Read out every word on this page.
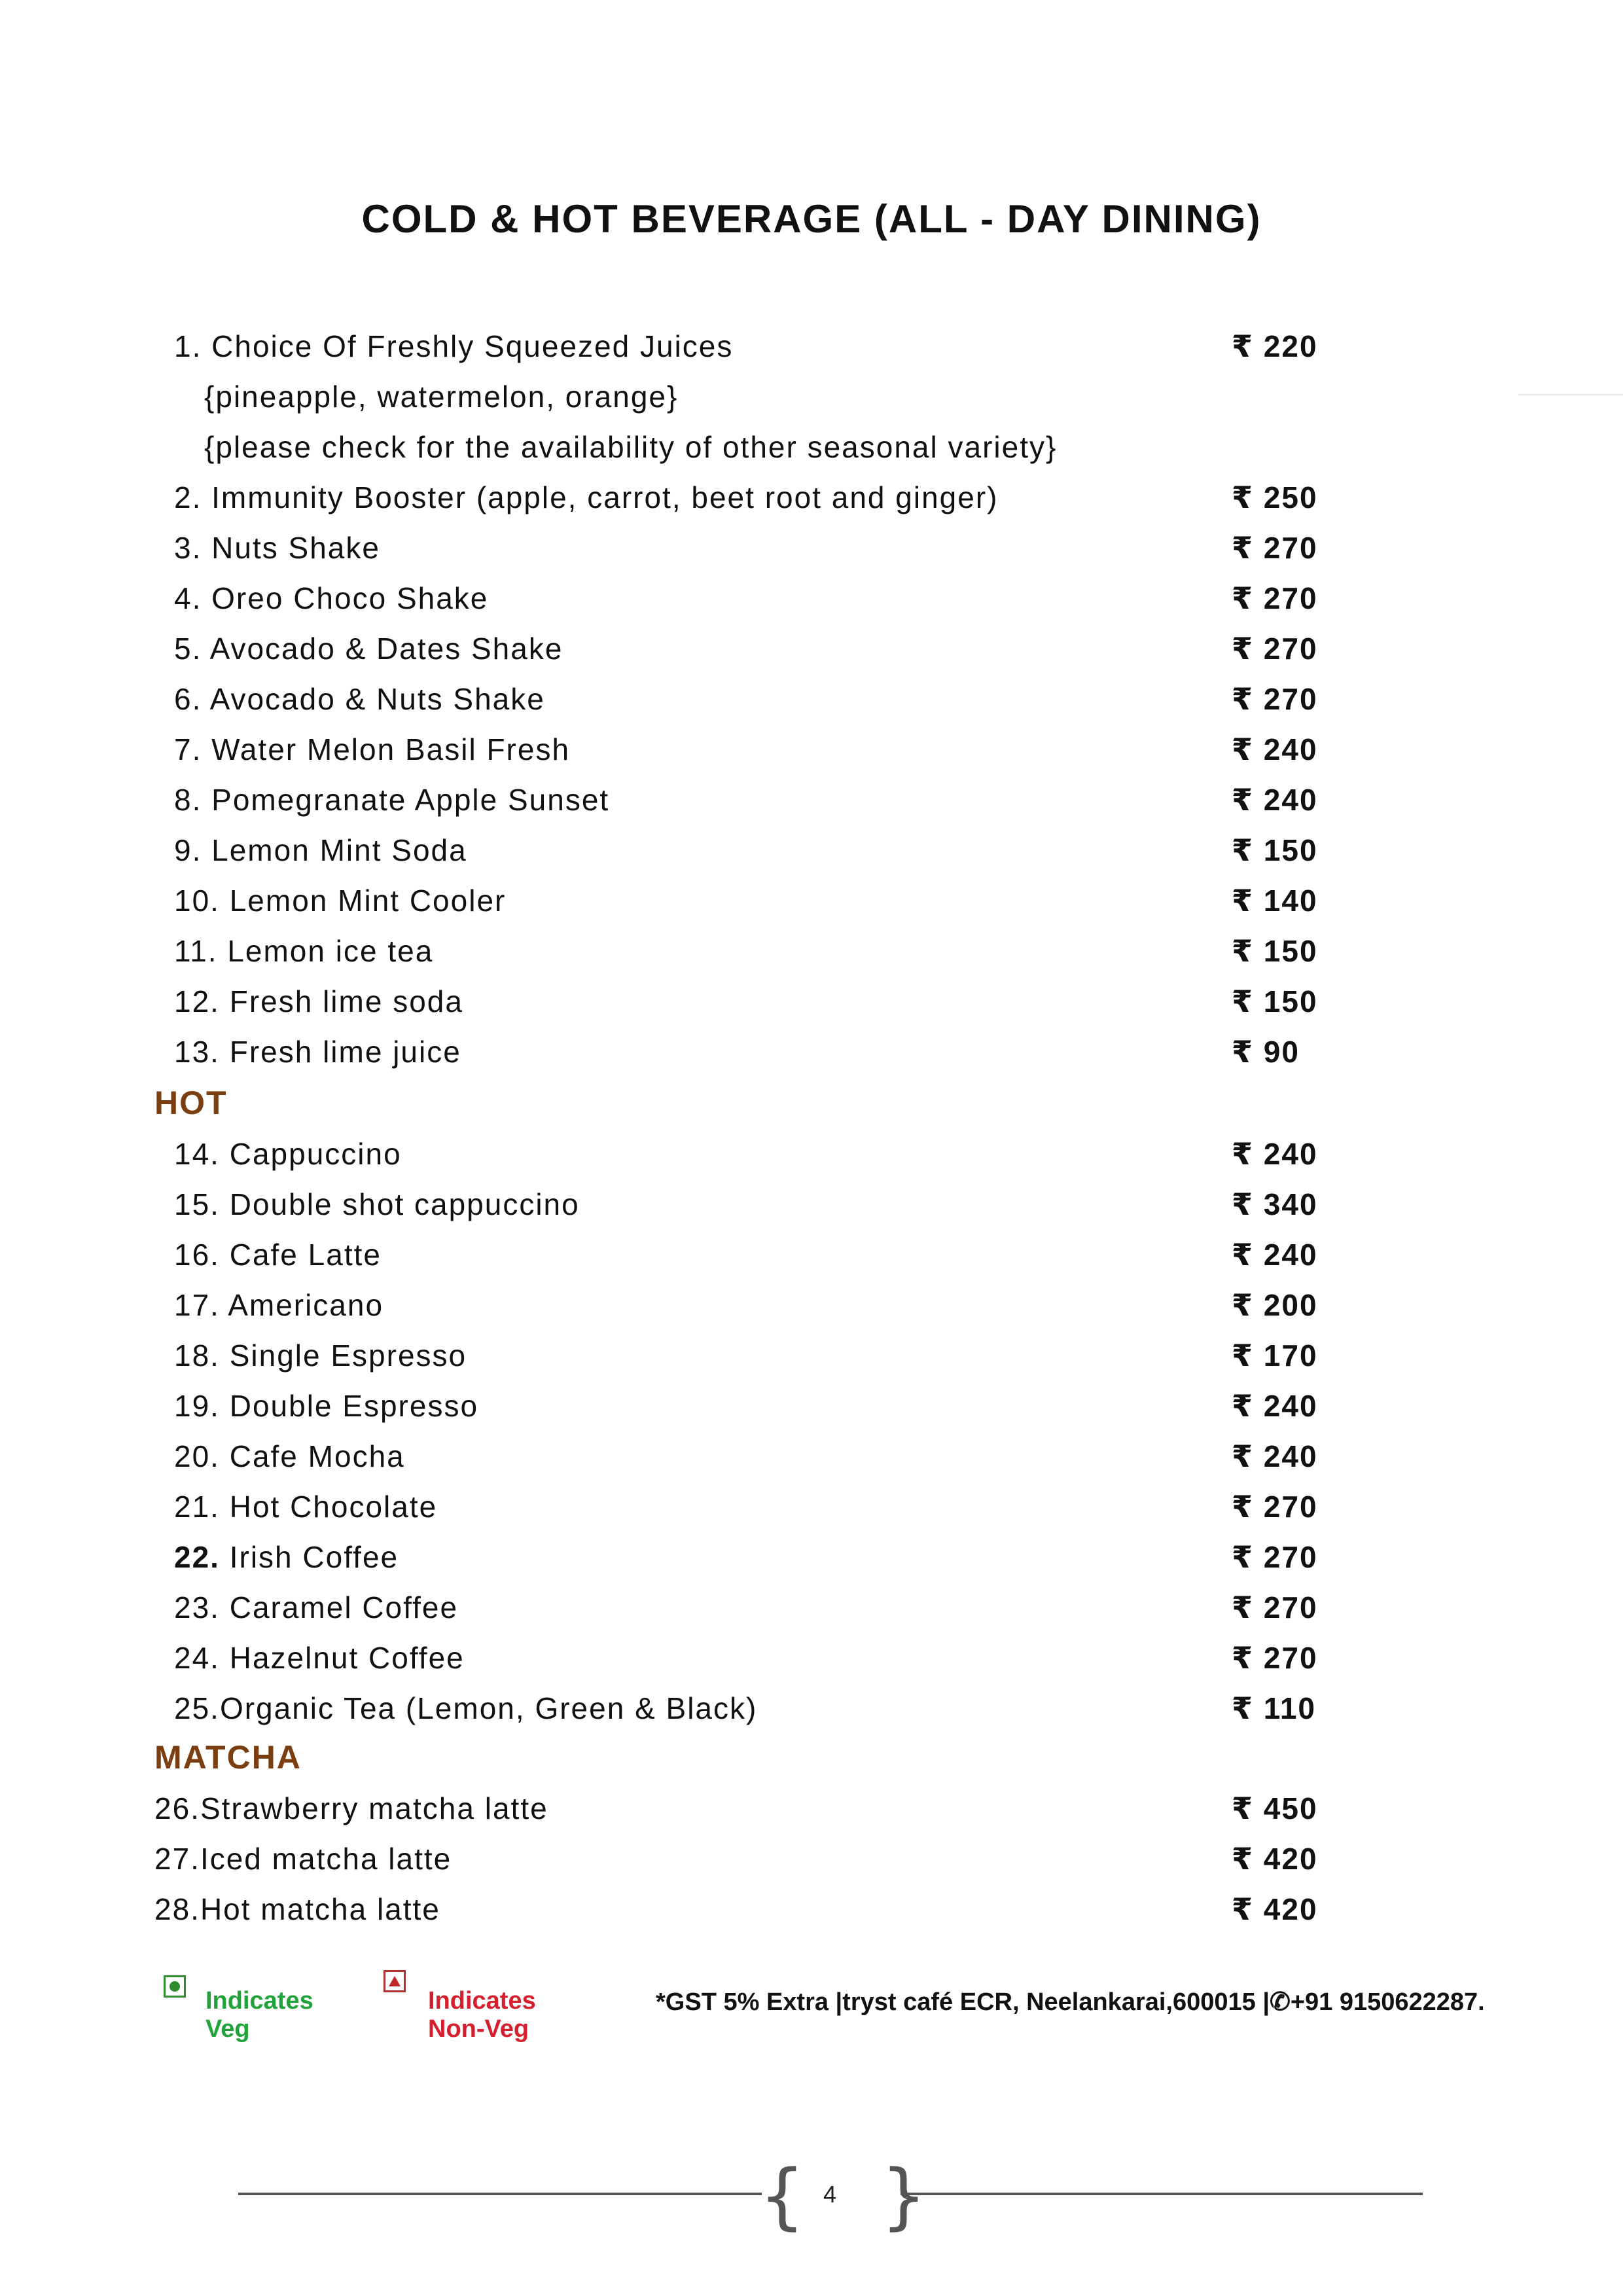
COLD & HOT BEVERAGE (ALL - DAY DINING)
1. Choice Of Freshly Squeezed Juices	₹ 220
{pineapple, watermelon, orange}
{please check for the availability of other seasonal variety}
2. Immunity Booster (apple, carrot, beet root and ginger)	₹ 250
3. Nuts Shake	₹ 270
4. Oreo Choco Shake	₹ 270
5. Avocado & Dates Shake	₹ 270
6. Avocado & Nuts Shake	₹ 270
7. Water Melon Basil Fresh	₹ 240
8. Pomegranate Apple Sunset	₹ 240
9. Lemon Mint Soda	₹ 150
10. Lemon Mint Cooler	₹ 140
11. Lemon ice tea	₹ 150
12. Fresh lime soda	₹ 150
13. Fresh lime juice	₹ 90
HOT
14. Cappuccino	₹ 240
15. Double shot cappuccino	₹ 340
16. Cafe Latte	₹ 240
17. Americano	₹ 200
18. Single Espresso	₹ 170
19. Double Espresso	₹ 240
20. Cafe Mocha	₹ 240
21. Hot Chocolate	₹ 270
22. Irish Coffee	₹ 270
23. Caramel Coffee	₹ 270
24. Hazelnut Coffee	₹ 270
25.Organic Tea (Lemon, Green & Black)	₹ 110
MATCHA
26.Strawberry matcha latte	₹ 450
27.Iced matcha latte	₹ 420
28.Hot matcha latte	₹ 420
Indicates Veg
Indicates Non-Veg
*GST 5% Extra |tryst café ECR, Neelankarai,600015 |✆+91 9150622287.
{ 4 }
